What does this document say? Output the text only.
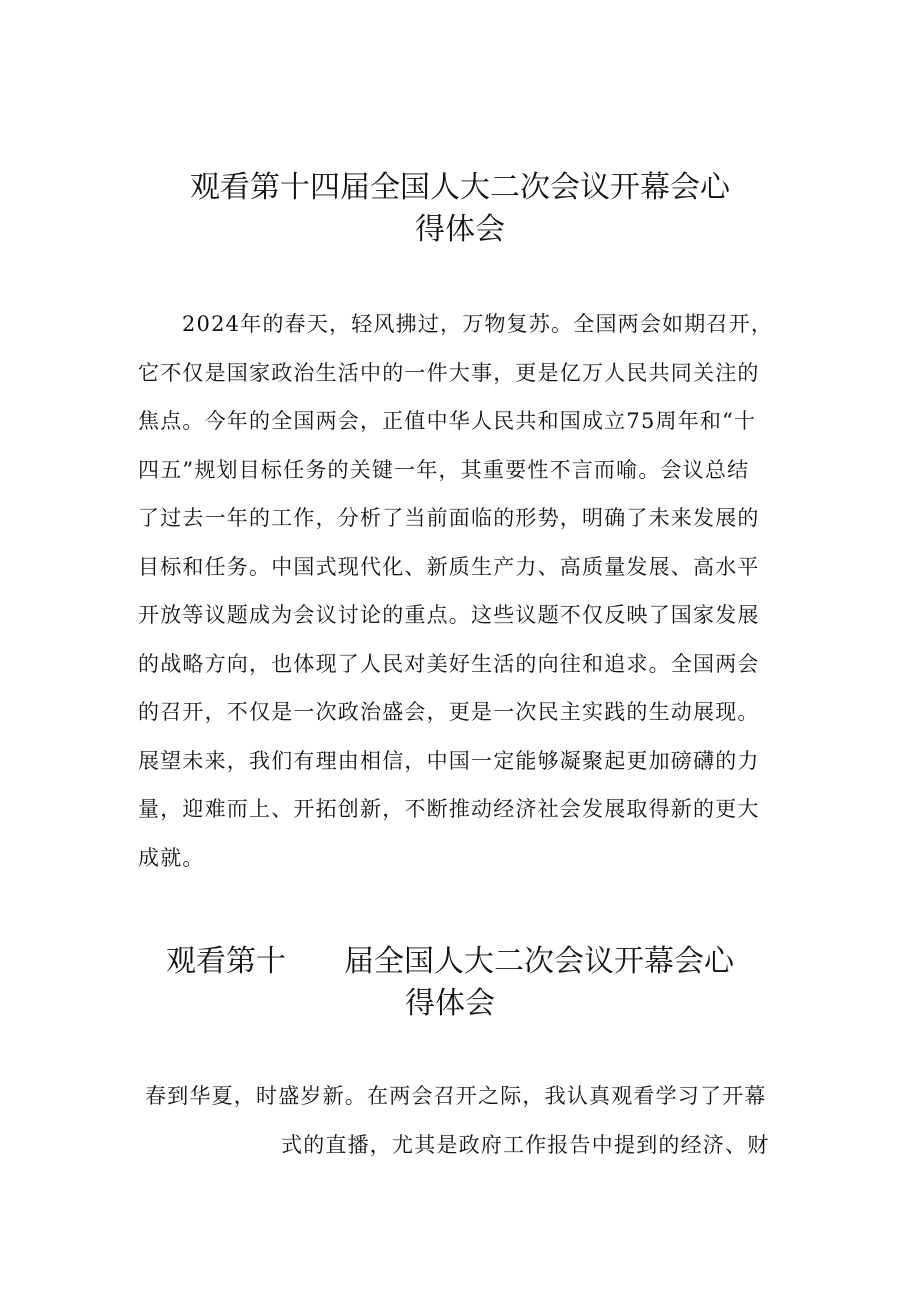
观看第十四届全国人大二次会议开幕会心
得体会
2024年的春天，轻风拂过，万物复苏。全国两会如期召开，
它不仅是国家政治生活中的一件大事，更是亿万人民共同关注的
焦点。今年的全国两会，正值中华人民共和国成立75周年和“十
四五”规划目标任务的关键一年，其重要性不言而喻。会议总结
了过去一年的工作，分析了当前面临的形势，明确了未来发展的
目标和任务。中国式现代化、新质生产力、高质量发展、高水平
开放等议题成为会议讨论的重点。这些议题不仅反映了国家发展
的战略方向，也体现了人民对美好生活的向往和追求。全国两会
的召开，不仅是一次政治盛会，更是一次民主实践的生动展现。
展望未来，我们有理由相信，中国一定能够凝聚起更加磅礴的力
量，迎难而上、开拓创新，不断推动经济社会发展取得新的更大
成就。
观看第十 届全国人大二次会议开幕会心
得体会
春到华夏，时盛岁新。在两会召开之际，我认真观看学习了开幕
式的直播，尤其是政府工作报告中提到的经济、财
